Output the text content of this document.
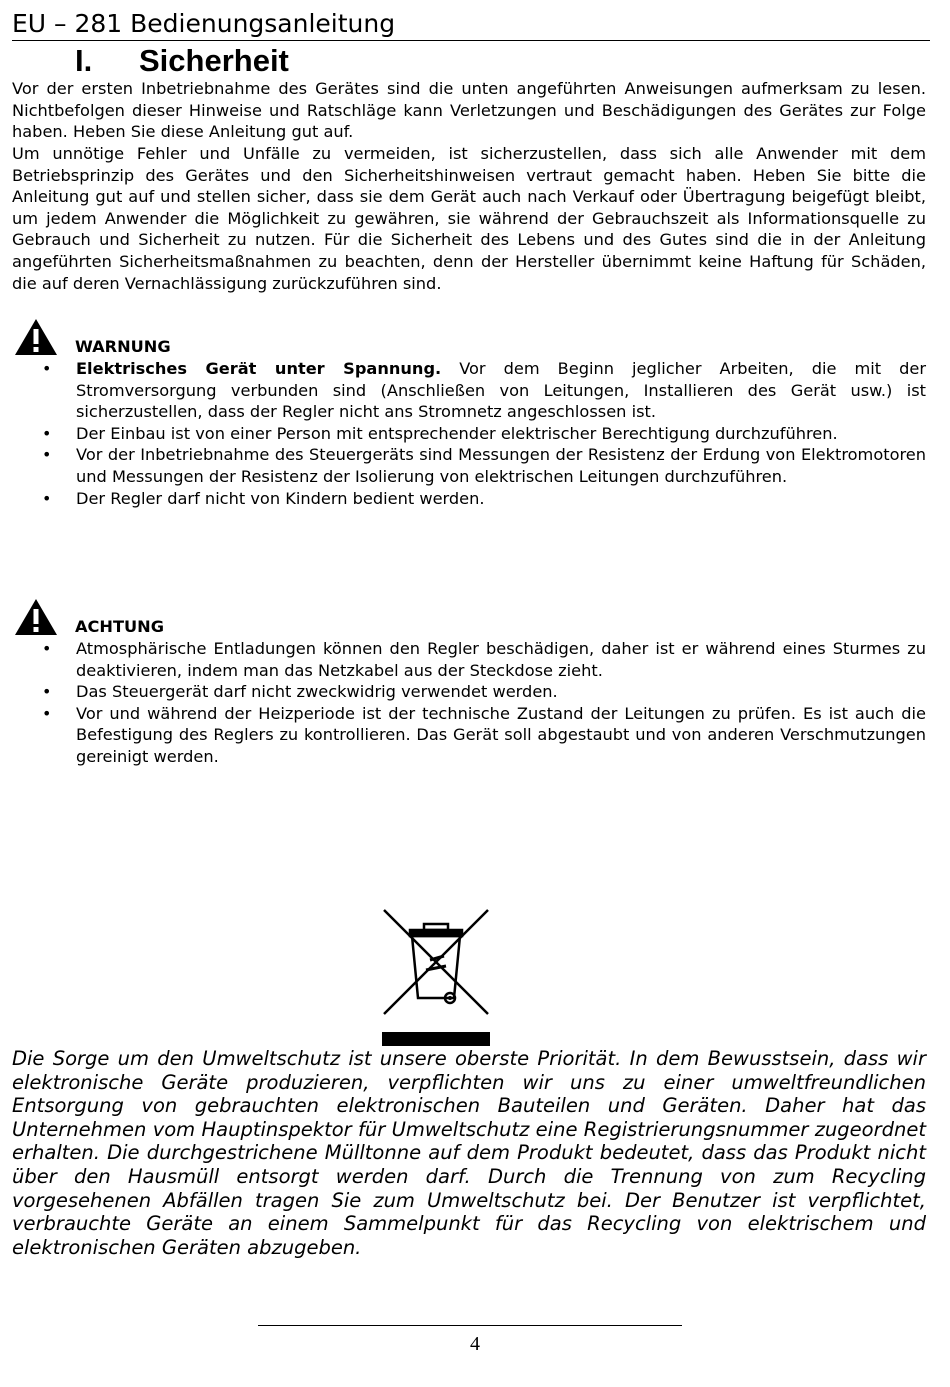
EU – 281 Bedienungsanleitung
I. Sicherheit

Vor der ersten Inbetriebnahme des Gerätes sind die unten angeführten Anweisungen aufmerksam zu lesen. Nichtbefolgen dieser Hinweise und Ratschläge kann Verletzungen und Beschädigungen des Gerätes zur Folge haben. Heben Sie diese Anleitung gut auf.

Um unnötige Fehler und Unfälle zu vermeiden, ist sicherzustellen, dass sich alle Anwender mit dem Betriebsprinzip des Gerätes und den Sicherheitshinweisen vertraut gemacht haben. Heben Sie bitte die Anleitung gut auf und stellen sicher, dass sie dem Gerät auch nach Verkauf oder Übertragung beigefügt bleibt, um jedem Anwender die Möglichkeit zu gewähren, sie während der Gebrauchszeit als Informationsquelle zu Gebrauch und Sicherheit zu nutzen. Für die Sicherheit des Lebens und des Gutes sind die in der Anleitung angeführten Sicherheitsmaßnahmen zu beachten, denn der Hersteller übernimmt keine Haftung für Schäden, die auf deren Vernachlässigung zurückzuführen sind.

WARNUNG
• Elektrisches Gerät unter Spannung. Vor dem Beginn jeglicher Arbeiten, die mit der Stromversorgung verbunden sind (Anschließen von Leitungen, Installieren des Gerät usw.) ist sicherzustellen, dass der Regler nicht ans Stromnetz angeschlossen ist.
• Der Einbau ist von einer Person mit entsprechender elektrischer Berechtigung durchzuführen.
• Vor der Inbetriebnahme des Steuergeräts sind Messungen der Resistenz der Erdung von Elektromotoren und Messungen der Resistenz der Isolierung von elektrischen Leitungen durchzuführen.
• Der Regler darf nicht von Kindern bedient werden.
ACHTUNG
• Atmosphärische Entladungen können den Regler beschädigen, daher ist er während eines Sturmes zu deaktivieren, indem man das Netzkabel aus der Steckdose zieht.
• Das Steuergerät darf nicht zweckwidrig verwendet werden.
• Vor und während der Heizperiode ist der technische Zustand der Leitungen zu prüfen. Es ist auch die Befestigung des Reglers zu kontrollieren. Das Gerät soll abgestaubt und von anderen Verschmutzungen gereinigt werden.

Die Sorge um den Umweltschutz ist unsere oberste Priorität. In dem Bewusstsein, dass wir elektronische Geräte produzieren, verpflichten wir uns zu einer umweltfreundlichen Entsorgung von gebrauchten elektronischen Bauteilen und Geräten. Daher hat das Unternehmen vom Hauptinspektor für Umweltschutz eine Registrierungsnummer zugeordnet erhalten. Die durchgestrichene Mülltonne auf dem Produkt bedeutet, dass das Produkt nicht über den Hausmüll entsorgt werden darf. Durch die Trennung von zum Recycling vorgesehenen Abfällen tragen Sie zum Umweltschutz bei. Der Benutzer ist verpflichtet, verbrauchte Geräte an einem Sammelpunkt für das Recycling von elektrischem und elektronischen Geräten abzugeben.

4
